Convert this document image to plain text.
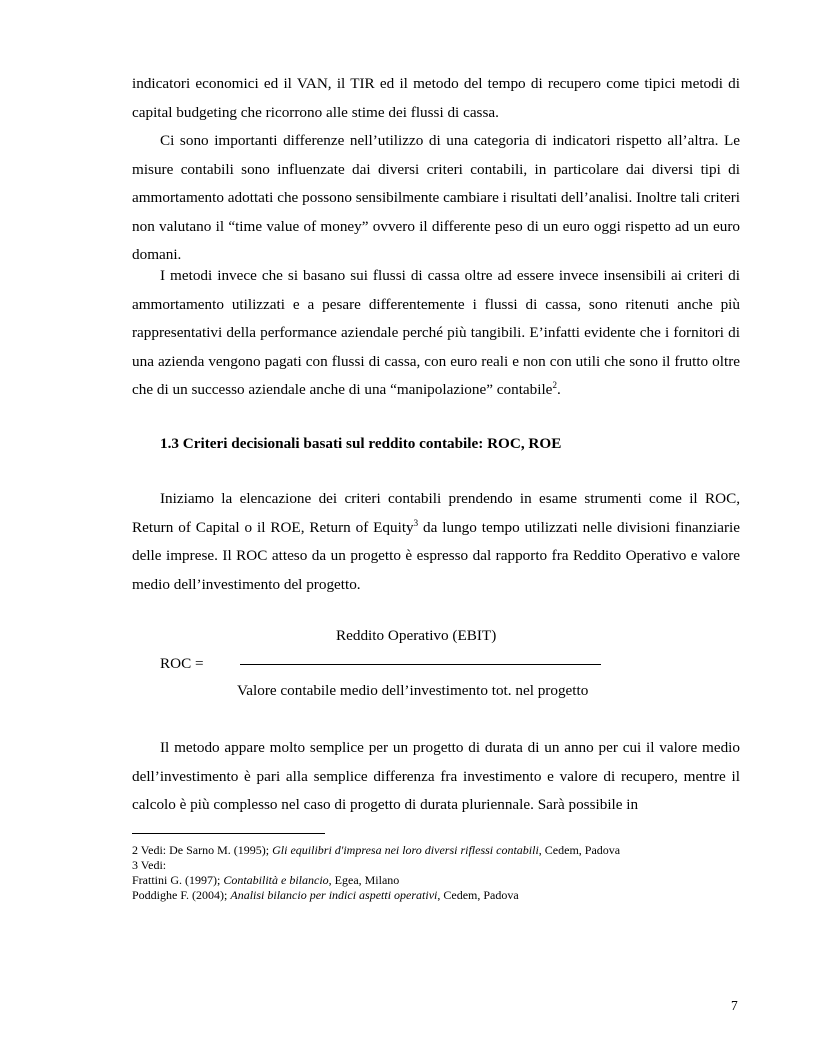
indicatori economici ed il VAN, il TIR ed il metodo del tempo di recupero come tipici metodi di capital budgeting che ricorrono alle stime dei flussi di cassa.

Ci sono importanti differenze nell’utilizzo di una categoria di indicatori rispetto all’altra. Le misure contabili sono influenzate dai diversi criteri contabili, in particolare dai diversi tipi di ammortamento adottati che possono sensibilmente cambiare i risultati dell’analisi. Inoltre tali criteri non valutano il “time value of money” ovvero il differente peso di un euro oggi rispetto ad un euro domani.

I metodi invece che si basano sui flussi di cassa oltre ad essere invece insensibili ai criteri di ammortamento utilizzati e a pesare differentemente i flussi di cassa, sono ritenuti anche più rappresentativi della performance aziendale perché più tangibili. E’infatti evidente che i fornitori di una azienda vengono pagati con flussi di cassa, con euro reali e non con utili che sono il frutto oltre che di un successo aziendale anche di una “manipolazione” contabile$^2$.

1.3 Criteri decisionali basati sul reddito contabile: ROC, ROE

Iniziamo la elencazione dei criteri contabili prendendo in esame strumenti come il ROC, Return of Capital o il ROE, Return of Equity$^3$ da lungo tempo utilizzati nelle divisioni finanziarie delle imprese. Il ROC atteso da un progetto è espresso dal rapporto fra Reddito Operativo e valore medio dell’investimento del progetto.

Reddito Operativo (EBIT)
ROC =
Valore contabile medio dell’investimento tot. nel progetto

Il metodo appare molto semplice per un progetto di durata di un anno per cui il valore medio dell’investimento è pari alla semplice differenza fra investimento e valore di recupero, mentre il calcolo è più complesso nel caso di progetto di durata pluriennale. Sarà possibile in

2 Vedi: De Sarno M. (1995); Gli equilibri d'impresa nei loro diversi riflessi contabili, Cedem, Padova
3 Vedi:
Frattini G. (1997); Contabilità e bilancio, Egea, Milano
Poddighe F. (2004); Analisi bilancio per indici aspetti operativi, Cedem, Padova
7
